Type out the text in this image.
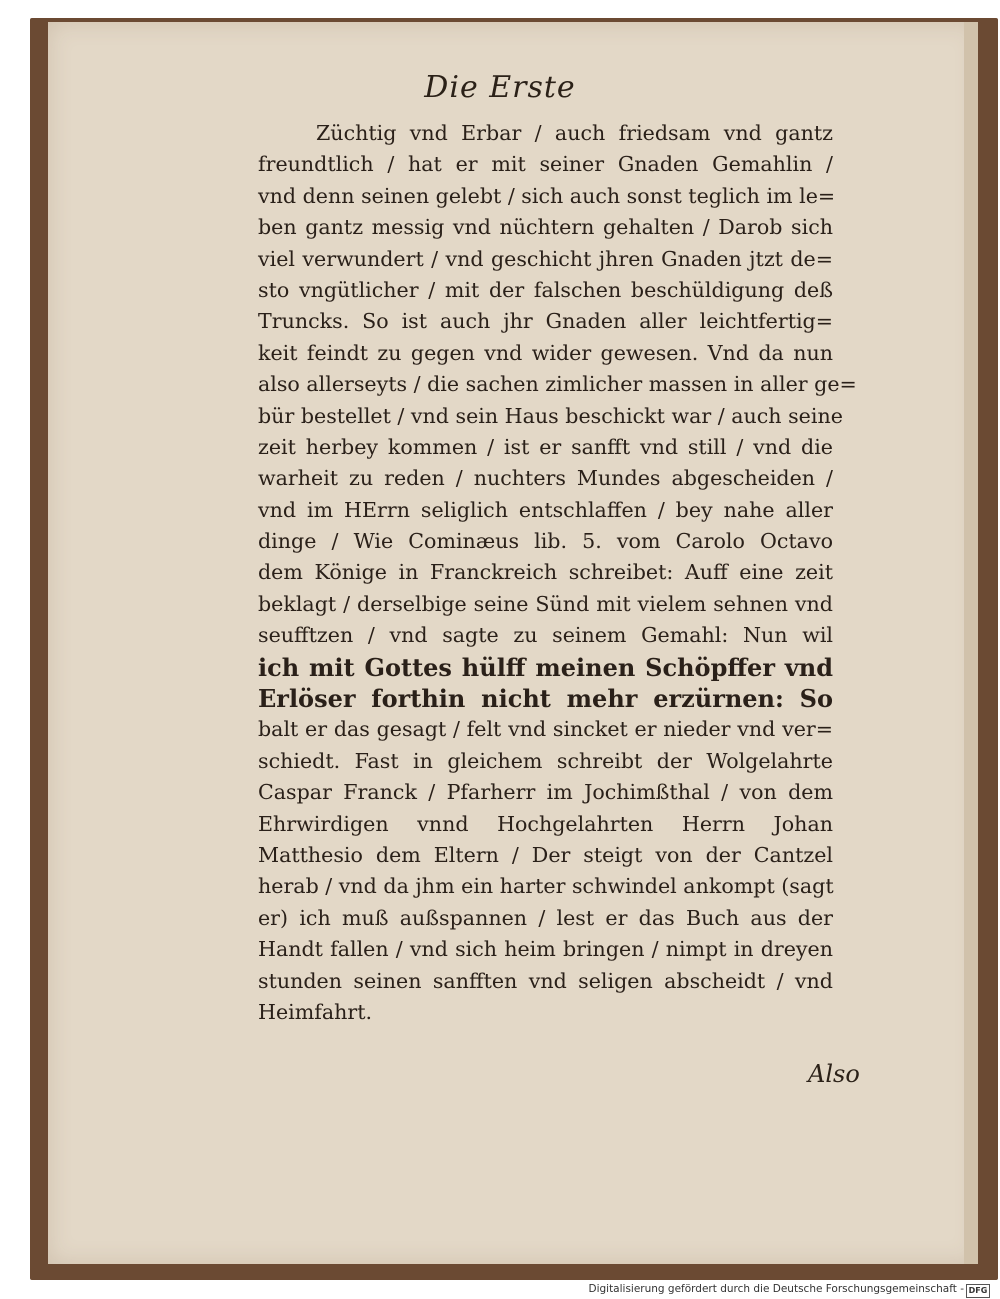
Die Erste
Züchtig vnd Erbar / auch friedsam vnd gantz
freundtlich / hat er mit seiner Gnaden Gemahlin /
vnd denn seinen gelebt / sich auch sonst teglich im le=
ben gantz messig vnd nüchtern gehalten / Darob sich
viel verwundert / vnd geschicht jhren Gnaden jtzt de=
sto vngütlicher / mit der falschen beschüldigung deß
Truncks. So ist auch jhr Gnaden aller leichtfertig=
keit feindt zu gegen vnd wider gewesen. Vnd da nun
also allerseyts / die sachen zimlicher massen in aller ge=
bür bestellet / vnd sein Haus beschickt war / auch seine
zeit herbey kommen / ist er sanfft vnd still / vnd die
warheit zu reden / nuchters Mundes abgescheiden /
vnd im HErrn seliglich entschlaffen / bey nahe aller
dinge / Wie Cominæus lib. 5. vom Carolo Octavo
dem Könige in Franckreich schreibet: Auff eine zeit
beklagt / derselbige seine Sünd mit vielem sehnen vnd
seufftzen / vnd sagte zu seinem Gemahl: Nun wil
ich mit Gottes hülff meinen Schöpffer vnd
Erlöser forthin nicht mehr erzürnen: So
balt er das gesagt / felt vnd sincket er nieder vnd ver=
schiedt. Fast in gleichem schreibt der Wolgelahrte
Caspar Franck / Pfarherr im Jochimßthal / von dem
Ehrwirdigen vnnd Hochgelahrten Herrn Johan
Matthesio dem Eltern / Der steigt von der Cantzel
herab / vnd da jhm ein harter schwindel ankompt (sagt
er) ich muß außspannen / lest er das Buch aus der
Handt fallen / vnd sich heim bringen / nimpt in dreyen
stunden seinen sanfften vnd seligen abscheidt / vnd
Heimfahrt.
Also
Digitalisierung gefördert durch die Deutsche Forschungsgemeinschaft - DFG
